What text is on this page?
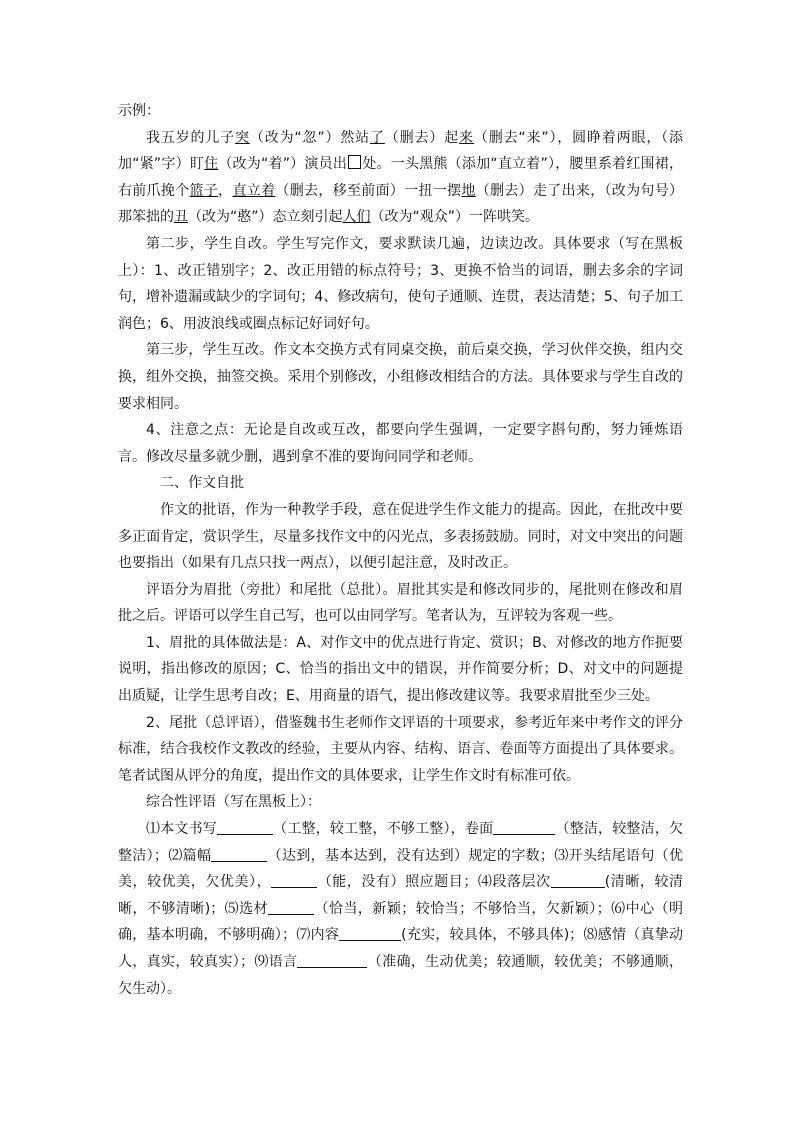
示例：

我五岁的儿子突（改为“忽”）然站了（删去）起来（删去“来”），圆睁着两眼，（添加“紧”字）盯住（改为“着”）演员出 处。一头黑熊（添加“直立着”），腰里系着红围裙，右前爪挽个篮子，直立着（删去，移至前面）一扭一摆地（删去）走了出来，（改为句号）那笨拙的丑（改为“憨”）态立刻引起人们（改为“观众”）一阵哄笑。

第二步，学生自改。学生写完作文，要求默读几遍，边读边改。具体要求（写在黑板上）：1、改正错别字；2、改正用错的标点符号；3、更换不恰当的词语，删去多余的字词句，增补遗漏或缺少的字词句；4、修改病句，使句子通顺、连贯，表达清楚；5、句子加工润色；6、用波浪线或圈点标记好词好句。

第三步，学生互改。作文本交换方式有同桌交换，前后桌交换，学习伙伴交换，组内交换，组外交换，抽签交换。采用个别修改，小组修改相结合的方法。具体要求与学生自改的要求相同。

4、注意之点：无论是自改或互改，都要向学生强调，一定要字斟句酌，努力锤炼语言。修改尽量多就少删，遇到拿不准的要询问同学和老师。

二、作文自批

作文的批语，作为一种教学手段，意在促进学生作文能力的提高。因此，在批改中要多正面肯定，赏识学生，尽量多找作文中的闪光点，多表扬鼓励。同时，对文中突出的问题也要指出（如果有几点只找一两点），以便引起注意，及时改正。

评语分为眉批（旁批）和尾批（总批）。眉批其实是和修改同步的，尾批则在修改和眉批之后。评语可以学生自己写，也可以由同学写。笔者认为，互评较为客观一些。

1、眉批的具体做法是：A、对作文中的优点进行肯定、赏识；B、对修改的地方作扼要说明，指出修改的原因；C、恰当的指出文中的错误，并作简要分析；D、对文中的问题提出质疑，让学生思考自改；E、用商量的语气，提出修改建议等。我要求眉批至少三处。

2、尾批（总评语），借鉴魏书生老师作文评语的十项要求，参考近年来中考作文的评分标准，结合我校作文教改的经验，主要从内容、结构、语言、卷面等方面提出了具体要求。笔者试图从评分的角度，提出作文的具体要求，让学生作文时有标准可依。

综合性评语（写在黑板上）：

⑴本文书写	（工整，较工整，不够工整），卷面	（整洁，较整洁，欠整洁）；⑵篇幅	（达到，基本达到，没有达到）规定的字数；⑶开头结尾语句（优美，较优美，欠优美），	（能，没有）照应题目；⑷段落层次	(清晰，较清晰，不够清晰)；⑸选材	（恰当，新颖；较恰当；不够恰当，欠新颖）；⑹中心（明确，基本明确，不够明确）；⑺内容	(充实，较具体，不够具体)；⑻感情（真挚动人，真实，较真实）；⑼语言	（准确，生动优美；较通顺，较优美；不够通顺，欠生动）。
